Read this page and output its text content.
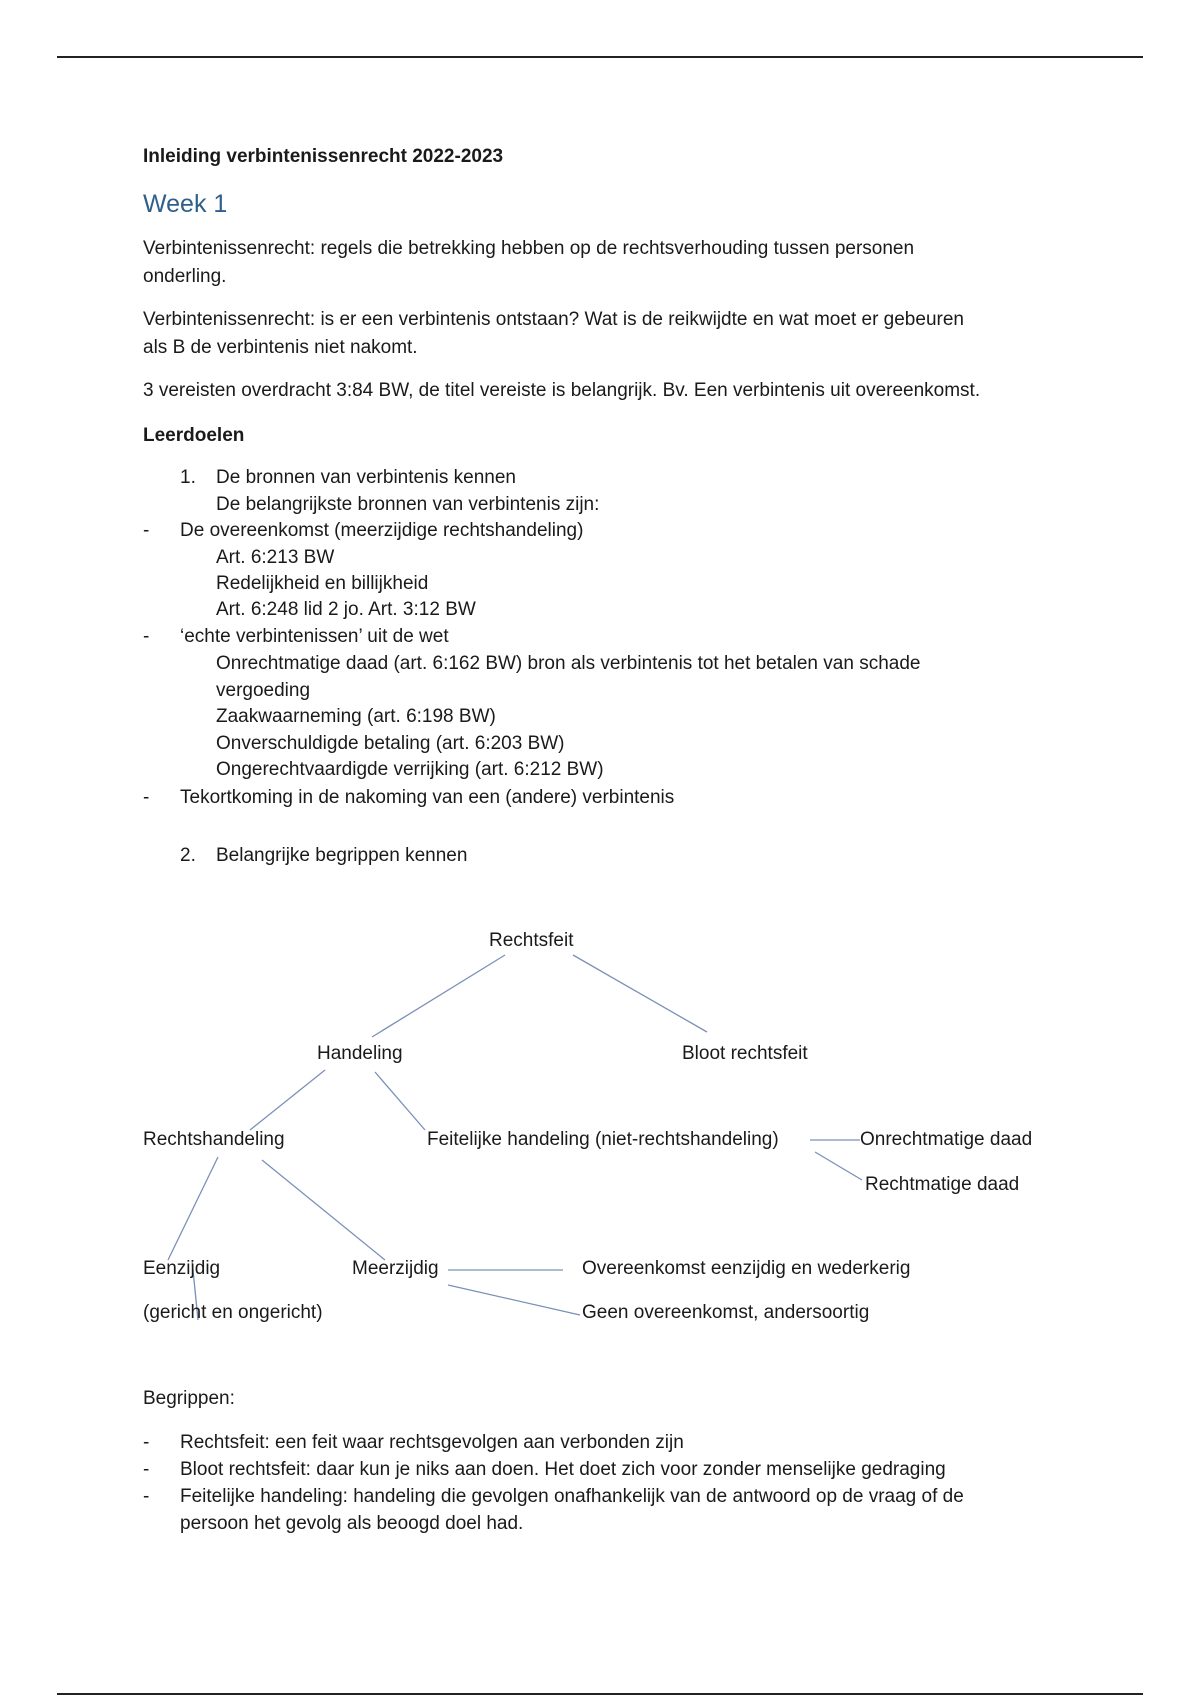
Inleiding verbintenissenrecht 2022-2023
Week 1
Verbintenissenrecht: regels die betrekking hebben op de rechtsverhouding tussen personen
onderling.
Verbintenissenrecht: is er een verbintenis ontstaan? Wat is de reikwijdte en wat moet er gebeuren
als B de verbintenis niet nakomt.
3 vereisten overdracht 3:84 BW, de titel vereiste is belangrijk. Bv. Een verbintenis uit overeenkomst.
Leerdoelen
1. De bronnen van verbintenis kennen
De belangrijkste bronnen van verbintenis zijn:
- De overeenkomst (meerzijdige rechtshandeling)
Art. 6:213 BW
Redelijkheid en billijkheid
Art. 6:248 lid 2 jo. Art. 3:12 BW
- ‘echte verbintenissen’ uit de wet
Onrechtmatige daad (art. 6:162 BW) bron als verbintenis tot het betalen van schade
vergoeding
Zaakwaarneming (art. 6:198 BW)
Onverschuldigde betaling (art. 6:203 BW)
Ongerechtvaardigde verrijking (art. 6:212 BW)
- Tekortkoming in de nakoming van een (andere) verbintenis
2. Belangrijke begrippen kennen
Rechtsfeit
Handeling	Bloot rechtsfeit
Rechtshandeling	Feitelijke handeling (niet-rechtshandeling)	Onrechtmatige daad
Rechtmatige daad
Eenzijdig
(gericht en ongericht)
Meerzijdig	Overeenkomst eenzijdig en wederkerig
Geen overeenkomst, andersoortig
Begrippen:
- Rechtsfeit: een feit waar rechtsgevolgen aan verbonden zijn
- Bloot rechtsfeit: daar kun je niks aan doen. Het doet zich voor zonder menselijke gedraging
- Feitelijke handeling: handeling die gevolgen onafhankelijk van de antwoord op de vraag of de
persoon het gevolg als beoogd doel had.
